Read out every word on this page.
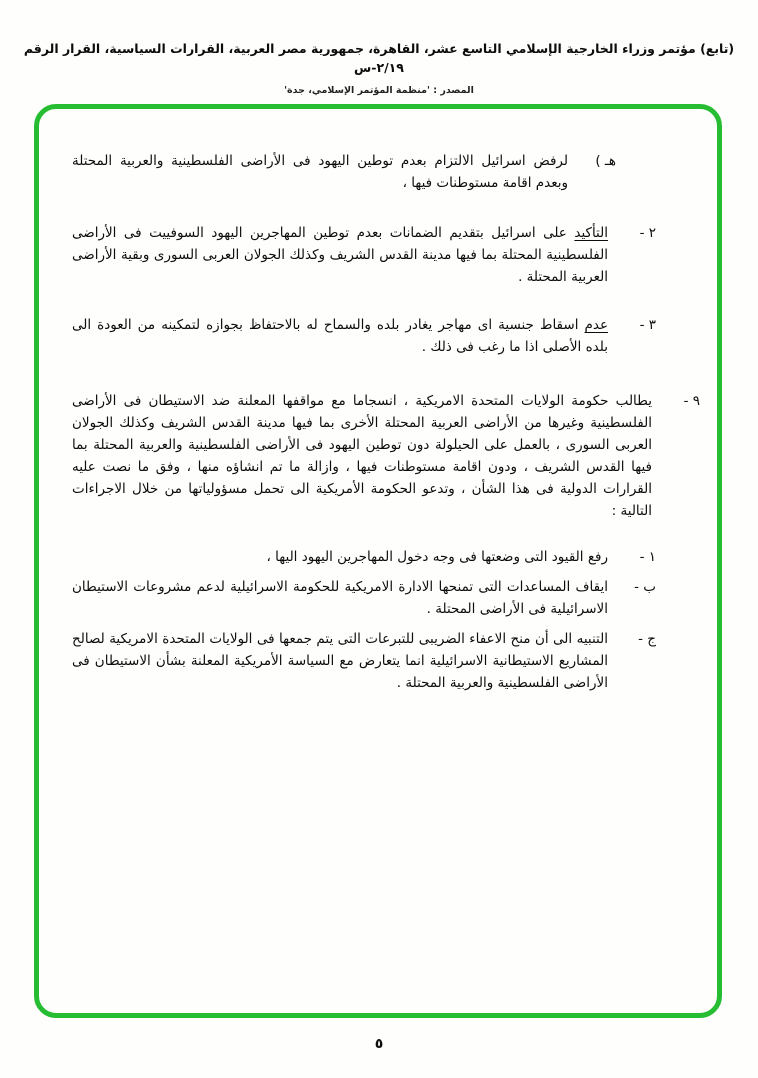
(تابع) مؤتمر وزراء الخارجية الإسلامي التاسع عشر، القاهرة، جمهورية مصر العربية، القرارات السياسية، القرار الرقم ٢/١٩-س
المصدر : 'منظمة المؤتمر الإسلامي، جدة'
هـ )
لرفض اسرائيل الالتزام بعدم توطين اليهود فى الأراضى الفلسطينية والعربية المحتلة وبعدم اقامة مستوطنات فيها ،
٢ -
التأكيد على اسرائيل بتقديم الضمانات بعدم توطين المهاجرين اليهود السوفييت فى الأراضى الفلسطينية المحتلة بما فيها مدينة القدس الشريف وكذلك الجولان العربى السورى وبقية الأراضى العربية المحتلة .
٣ -
عدم اسقاط جنسية اى مهاجر يغادر بلده والسماح له بالاحتفاظ بجوازه لتمكينه من العودة الى بلده الأصلى اذا ما رغب فى ذلك .
٩ -
يطالب حكومة الولايات المتحدة الامريكية ، انسجاما مع مواقفها المعلنة ضد الاستيطان فى الأراضى الفلسطينية وغيرها من الأراضى العربية المحتلة الأخرى بما فيها مدينة القدس الشريف وكذلك الجولان العربى السورى ، بالعمل على الحيلولة دون توطين اليهود فى الأراضى الفلسطينية والعربية المحتلة بما فيها القدس الشريف ، ودون اقامة مستوطنات فيها ، وازالة ما تم انشاؤه منها ، وفق ما نصت عليه القرارات الدولية فى هذا الشأن ، وتدعو الحكومة الأمريكية الى تحمل مسؤولياتها من خلال الاجراءات التالية :
١ -
رفع القيود التى وضعتها فى وجه دخول المهاجرين اليهود اليها ،
ب -
ايقاف المساعدات التى تمنحها الادارة الامريكية للحكومة الاسرائيلية لدعم مشروعات الاستيطان الاسرائيلية فى الأراضى المحتلة .
ج -
التنبيه الى أن منح الاعفاء الضريبى للتبرعات التى يتم جمعها فى الولايات المتحدة الامريكية لصالح المشاريع الاستيطانية الاسرائيلية انما يتعارض مع السياسة الأمريكية المعلنة بشأن الاستيطان فى الأراضى الفلسطينية والعربية المحتلة .
٥
